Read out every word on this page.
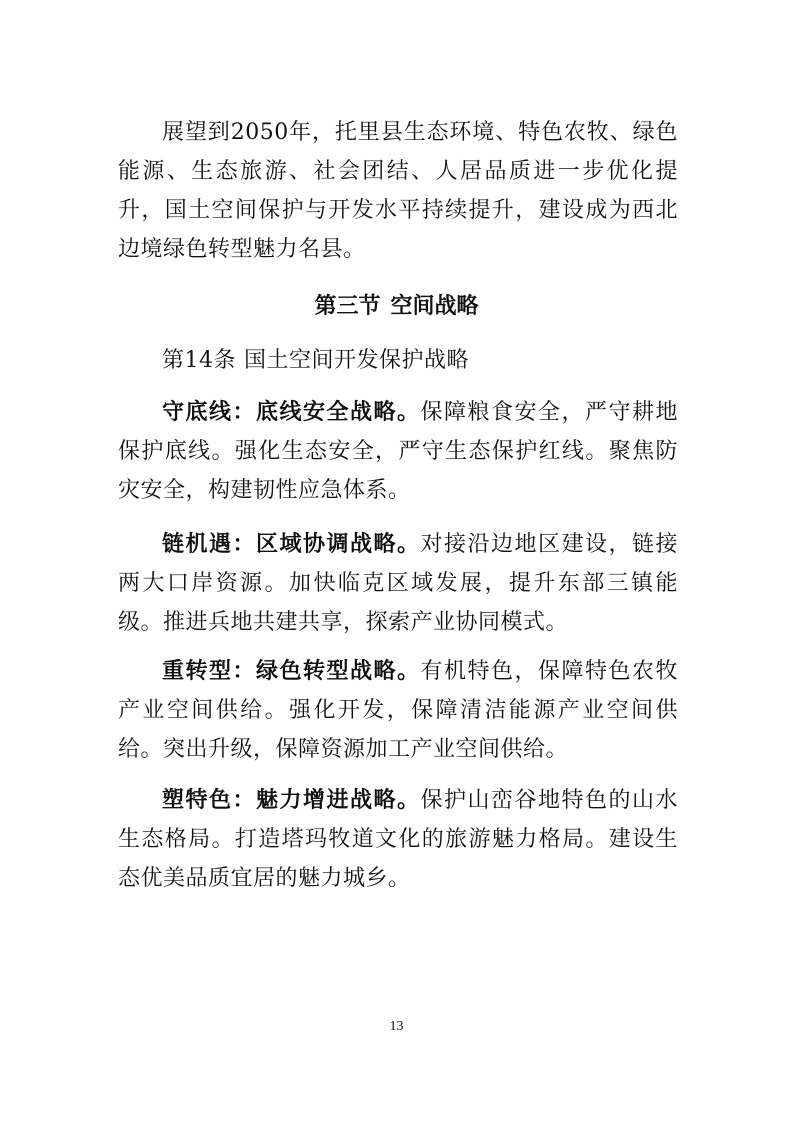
展望到2050年，托里县生态环境、特色农牧、绿色能源、生态旅游、社会团结、人居品质进一步优化提升，国土空间保护与开发水平持续提升，建设成为西北边境绿色转型魅力名县。

第三节 空间战略

第14条 国土空间开发保护战略

守底线：底线安全战略。保障粮食安全，严守耕地保护底线。强化生态安全，严守生态保护红线。聚焦防灾安全，构建韧性应急体系。

链机遇：区域协调战略。对接沿边地区建设，链接两大口岸资源。加快临克区域发展，提升东部三镇能级。推进兵地共建共享，探索产业协同模式。

重转型：绿色转型战略。有机特色，保障特色农牧产业空间供给。强化开发，保障清洁能源产业空间供给。突出升级，保障资源加工产业空间供给。

塑特色：魅力增进战略。保护山峦谷地特色的山水生态格局。打造塔玛牧道文化的旅游魅力格局。建设生态优美品质宜居的魅力城乡。

13
